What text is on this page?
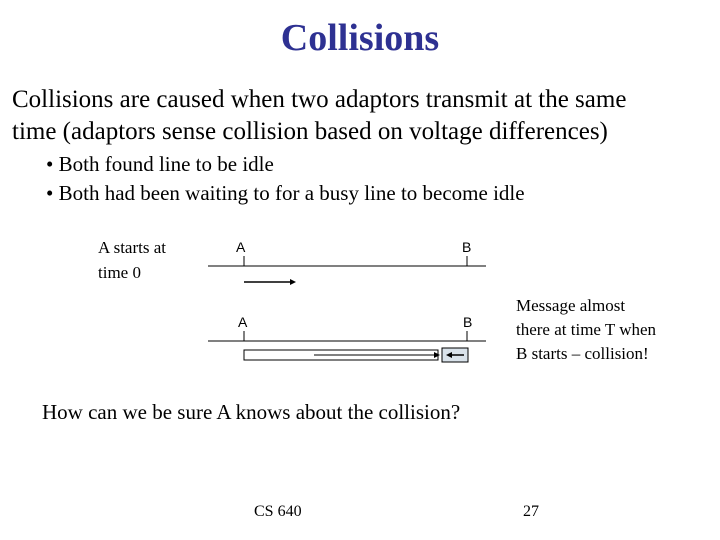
Collisions
Collisions are caused when two adaptors transmit at the same
time (adaptors sense collision based on voltage differences)
• Both found line to be idle
• Both had been waiting to for a busy line to become idle
A starts at
time 0
A	B
A	B
Message almost
there at time T when
B starts – collision!
How can we be sure A knows about the collision?
CS 640	27
